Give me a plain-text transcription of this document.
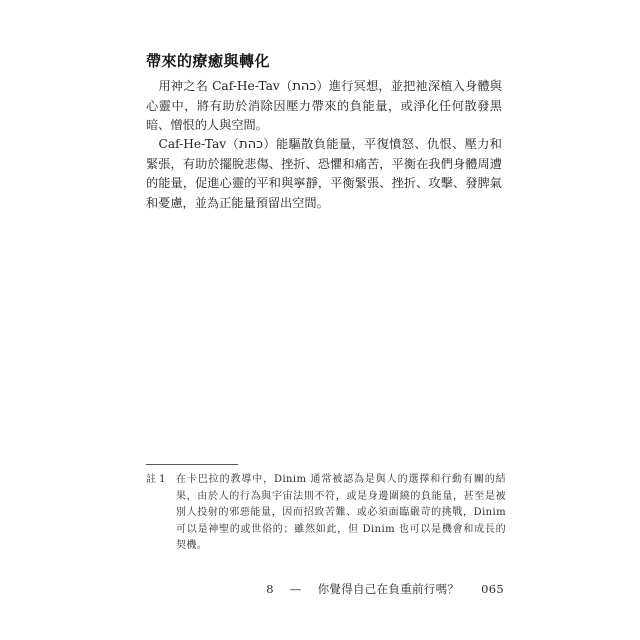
帶來的療癒與轉化

用神之名 Caf-He-Tav（כהת）進行冥想，並把祂深植入身體與心靈中，將有助於消除因壓力帶來的負能量，或淨化任何散發黑暗、憎恨的人與空間。

Caf-He-Tav（כהת）能驅散負能量，平復憤怒、仇恨、壓力和緊張，有助於擺脫悲傷、挫折、恐懼和痛苦，平衡在我們身體周遭的能量，促進心靈的平和與寧靜，平衡緊張、挫折、攻擊、發脾氣和憂慮，並為正能量預留出空間。

註 1	在卡巴拉的教導中，Dinim 通常被認為是與人的選擇和行動有關的結果，由於人的行為與宇宙法則不符，或是身邊圍繞的負能量，甚至是被別人投射的邪惡能量，因而招致苦難、或必須面臨嚴苛的挑戰，Dinim 可以是神聖的或世俗的；雖然如此，但 Dinim 也可以是機會和成長的契機。
8 — 你覺得自己在負重前行嗎？ 065
